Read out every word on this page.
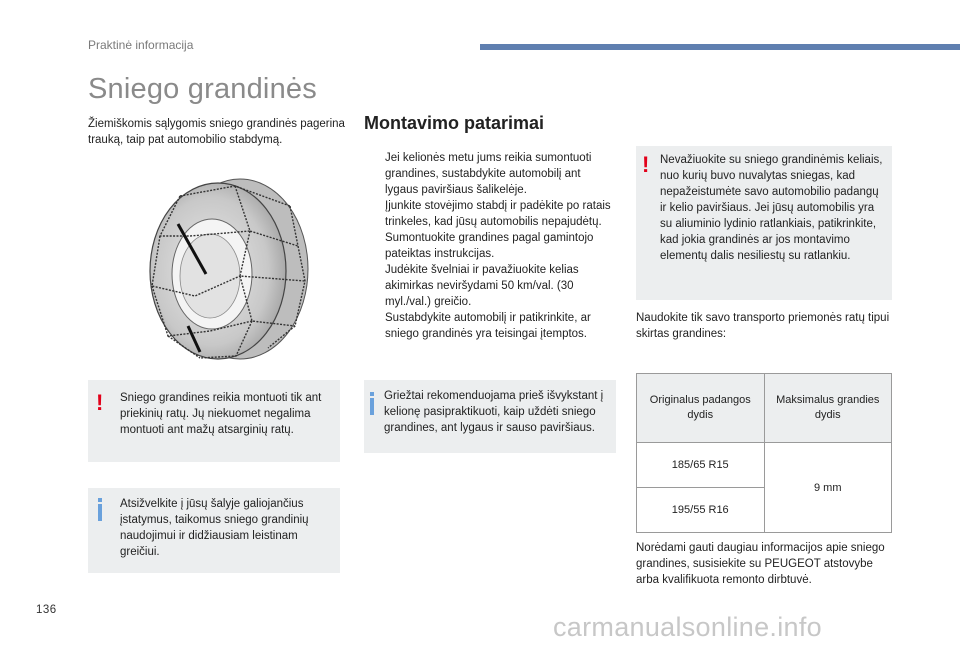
Praktinė informacija
Sniego grandinės
Žiemiškomis sąlygomis sniego grandinės pagerina trauką, taip pat automobilio stabdymą.
! Sniego grandines reikia montuoti tik ant priekinių ratų. Jų niekuomet negalima montuoti ant mažų atsarginių ratų.
Atsižvelkite į jūsų šalyje galiojančius įstatymus, taikomus sniego grandinių naudojimui ir didžiausiam leistinam greičiui.
Montavimo patarimai
Jei kelionės metu jums reikia sumontuoti grandines, sustabdykite automobilį ant lygaus paviršiaus šalikelėje.
Įjunkite stovėjimo stabdį ir padėkite po ratais trinkeles, kad jūsų automobilis nepajudėtų.
Sumontuokite grandines pagal gamintojo pateiktas instrukcijas.
Judėkite švelniai ir pavažiuokite kelias akimirkas neviršydami 50 km/val. (30 myl./val.) greičio.
Sustabdykite automobilį ir patikrinkite, ar sniego grandinės yra teisingai įtemptos.
Griežtai rekomenduojama prieš išvykstant į kelionę pasipraktikuoti, kaip uždėti sniego grandines, ant lygaus ir sauso paviršiaus.
! Nevažiuokite su sniego grandinėmis keliais, nuo kurių buvo nuvalytas sniegas, kad nepažeistumėte savo automobilio padangų ir kelio paviršiaus. Jei jūsų automobilis yra su aliuminio lydinio ratlankiais, patikrinkite, kad jokia grandinės ar jos montavimo elementų dalis nesiliestų su ratlankiu.
Naudokite tik savo transporto priemonės ratų tipui skirtas grandines:
Originalus padangos dydis	Maksimalus grandies dydis
185/65 R15	9 mm
195/55 R16	
Norėdami gauti daugiau informacijos apie sniego grandines, susisiekite su PEUGEOT atstovybe arba kvalifikuota remonto dirbtuvė.
136
carmanualsonline.info
